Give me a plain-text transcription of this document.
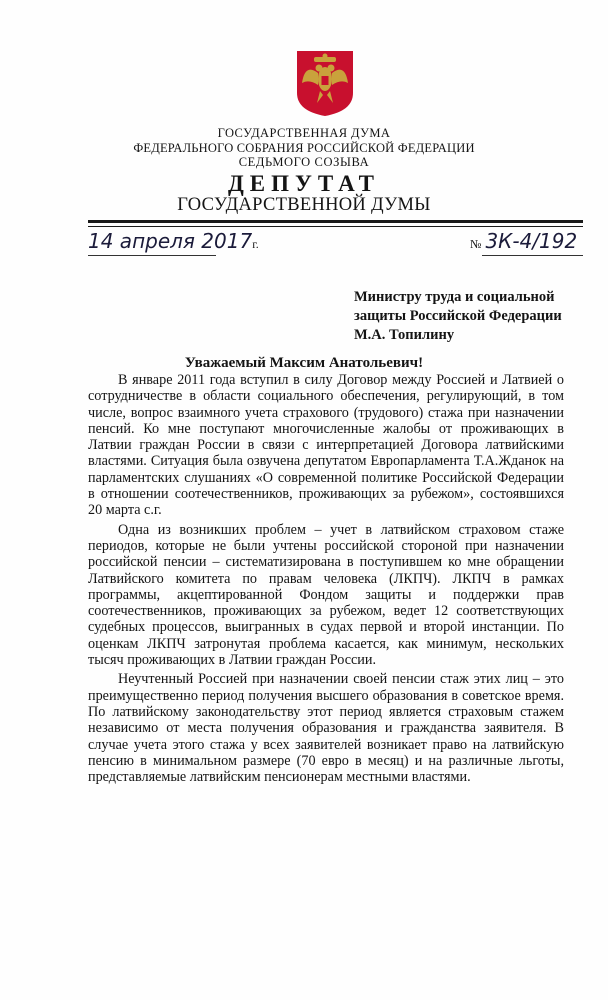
ГОСУДАРСТВЕННАЯ ДУМА
ФЕДЕРАЛЬНОГО СОБРАНИЯ РОССИЙСКОЙ ФЕДЕРАЦИИ
СЕДЬМОГО СОЗЫВА
ДЕПУТАТ
ГОСУДАРСТВЕННОЙ ДУМЫ
14 апреля 2017г.	№ 3К-4/192
Министру труда и социальной
защиты Российской Федерации
М.А. Топилину
Уважаемый Максим Анатольевич!

В январе 2011 года вступил в силу Договор между Россией и Латвией о сотрудничестве в области социального обеспечения, регулирующий, в том числе, вопрос взаимного учета страхового (трудового) стажа при назначении пенсий. Ко мне поступают многочисленные жалобы от проживающих в Латвии граждан России в связи с интерпретацией Договора латвийскими властями. Ситуация была озвучена депутатом Европарламента Т.А.Жданок на парламентских слушаниях «О современной политике Российской Федерации в отношении соотечественников, проживающих за рубежом», состоявшихся 20 марта с.г.

Одна из возникших проблем – учет в латвийском страховом стаже периодов, которые не были учтены российской стороной при назначении российской пенсии – систематизирована в поступившем ко мне обращении Латвийского комитета по правам человека (ЛКПЧ). ЛКПЧ в рамках программы, акцептированной Фондом защиты и поддержки прав соотечественников, проживающих за рубежом, ведет 12 соответствующих судебных процессов, выигранных в судах первой и второй инстанции. По оценкам ЛКПЧ затронутая проблема касается, как минимум, нескольких тысяч проживающих в Латвии граждан России.

Неучтенный Россией при назначении своей пенсии стаж этих лиц – это преимущественно период получения высшего образования в советское время. По латвийскому законодательству этот период является страховым стажем независимо от места получения образования и гражданства заявителя. В случае учета этого стажа у всех заявителей возникает право на латвийскую пенсию в минимальном размере (70 евро в месяц) и на различные льготы, представляемые латвийским пенсионерам местными властями.
